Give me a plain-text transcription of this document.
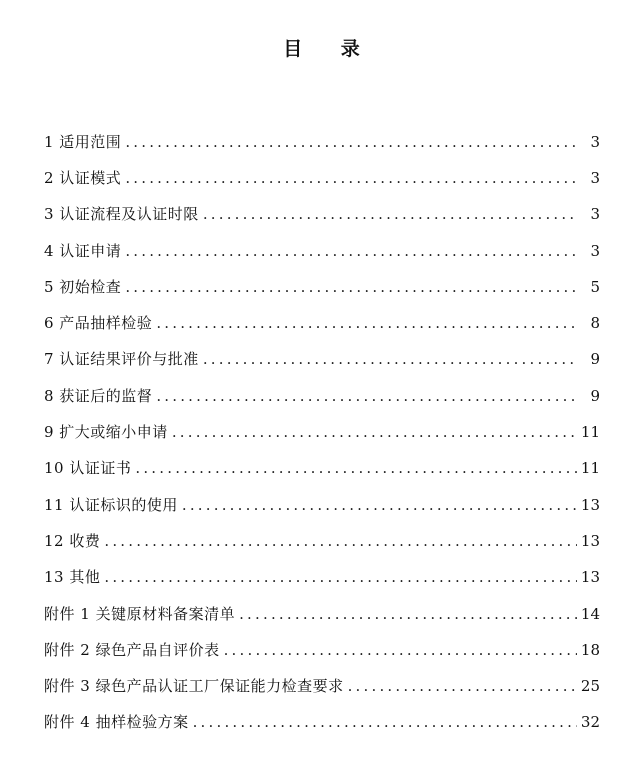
目 录
1 适用范围 .....	3
2 认证模式 .....	3
3 认证流程及认证时限 .....	3
4 认证申请 .....	3
5 初始检查 .....	5
6 产品抽样检验 .....	8
7 认证结果评价与批准 .....	9
8 获证后的监督 .....	9
9 扩大或缩小申请 .....	11
10 认证证书 .....	11
11 认证标识的使用 .....	13
12 收费 .....	13
13 其他 .....	13
附件 1 关键原材料备案清单 .....	14
附件 2 绿色产品自评价表 .....	18
附件 3 绿色产品认证工厂保证能力检查要求 .....	25
附件 4 抽样检验方案 .....	32
